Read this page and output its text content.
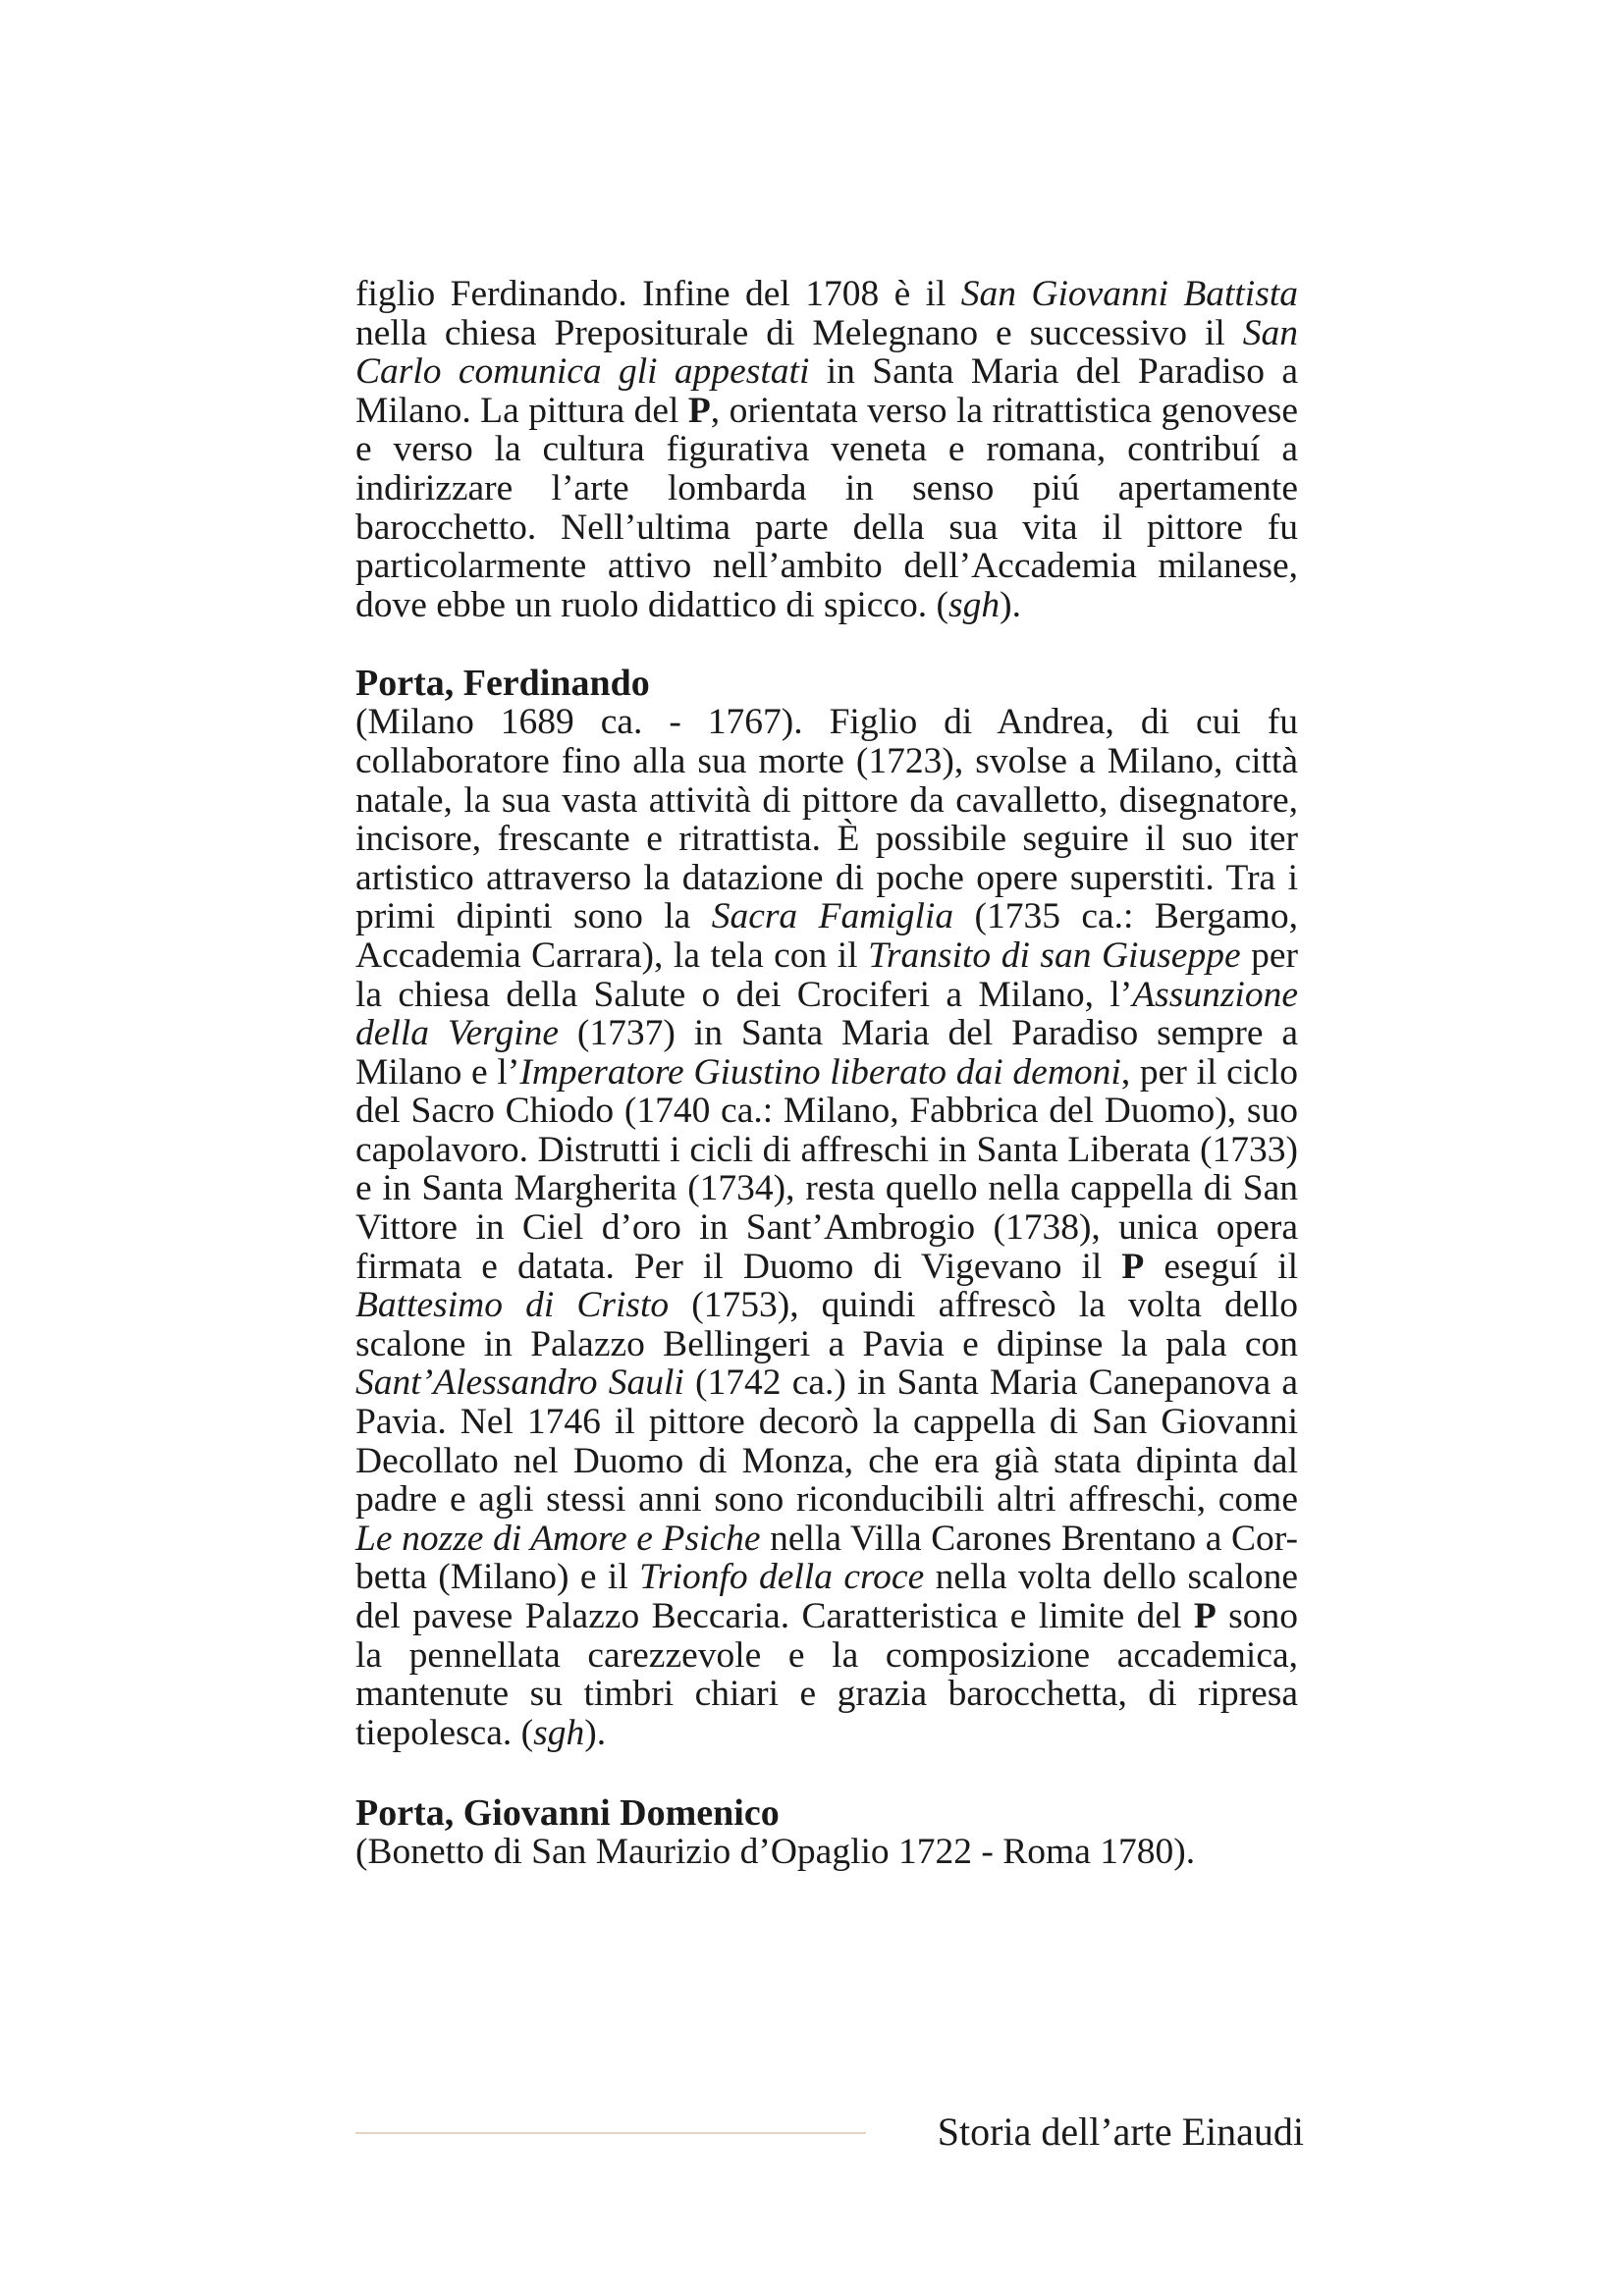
figlio Ferdinando. Infine del 1708 è il San Giovanni Battista nella chiesa Prepositurale di Melegnano e successivo il San Carlo comunica gli appestati in Santa Maria del Paradiso a Milano. La pittura del P, orientata verso la ritrattistica genovese e verso la cultura figurativa veneta e romana, contribuí a indirizzare l’arte lombarda in senso piú apertamente barocchetto. Nell’ultima parte della sua vita il pittore fu particolarmente attivo nell’ambito dell’Accademia milanese, dove ebbe un ruolo didattico di spicco. (sgh).

Porta, Ferdinando

(Milano 1689 ca. - 1767). Figlio di Andrea, di cui fu collaboratore fino alla sua morte (1723), svolse a Milano, città natale, la sua vasta attività di pittore da cavalletto, disegnatore, incisore, frescante e ritrattista. È possibile seguire il suo iter artistico attraverso la datazione di poche opere superstiti. Tra i primi dipinti sono la Sacra Famiglia (1735 ca.: Bergamo, Accademia Carrara), la tela con il Transito di san Giuseppe per la chiesa della Salute o dei Crociferi a Milano, l’Assunzione della Vergine (1737) in Santa Maria del Paradiso sempre a Milano e l’Imperatore Giustino liberato dai demoni, per il ciclo del Sacro Chiodo (1740 ca.: Milano, Fabbrica del Duomo), suo capolavoro. Distrutti i cicli di affreschi in Santa Liberata (1733) e in Santa Margherita (1734), resta quello nella cappella di San Vittore in Ciel d’oro in Sant’Ambrogio (1738), unica opera firmata e datata. Per il Duomo di Vigevano il P eseguí il Battesimo di Cristo (1753), quindi affrescò la volta dello scalone in Palazzo Bellingeri a Pavia e dipinse la pala con Sant’Alessandro Sauli (1742 ca.) in Santa Maria Canepanova a Pavia. Nel 1746 il pittore decorò la cappella di San Giovanni Decollato nel Duomo di Monza, che era già stata dipinta dal padre e agli stessi anni sono riconducibili altri affreschi, come Le nozze di Amore e Psiche nella Villa Carones Brentano a Cor-betta (Milano) e il Trionfo della croce nella volta dello scalone del pavese Palazzo Beccaria. Caratteristica e limite del P sono la pennellata carezzevole e la composizione accademica, mantenute su timbri chiari e grazia barocchetta, di ripresa tiepolesca. (sgh).

Porta, Giovanni Domenico

(Bonetto di San Maurizio d’Opaglio 1722 - Roma 1780).

Storia dell’arte Einaudi
